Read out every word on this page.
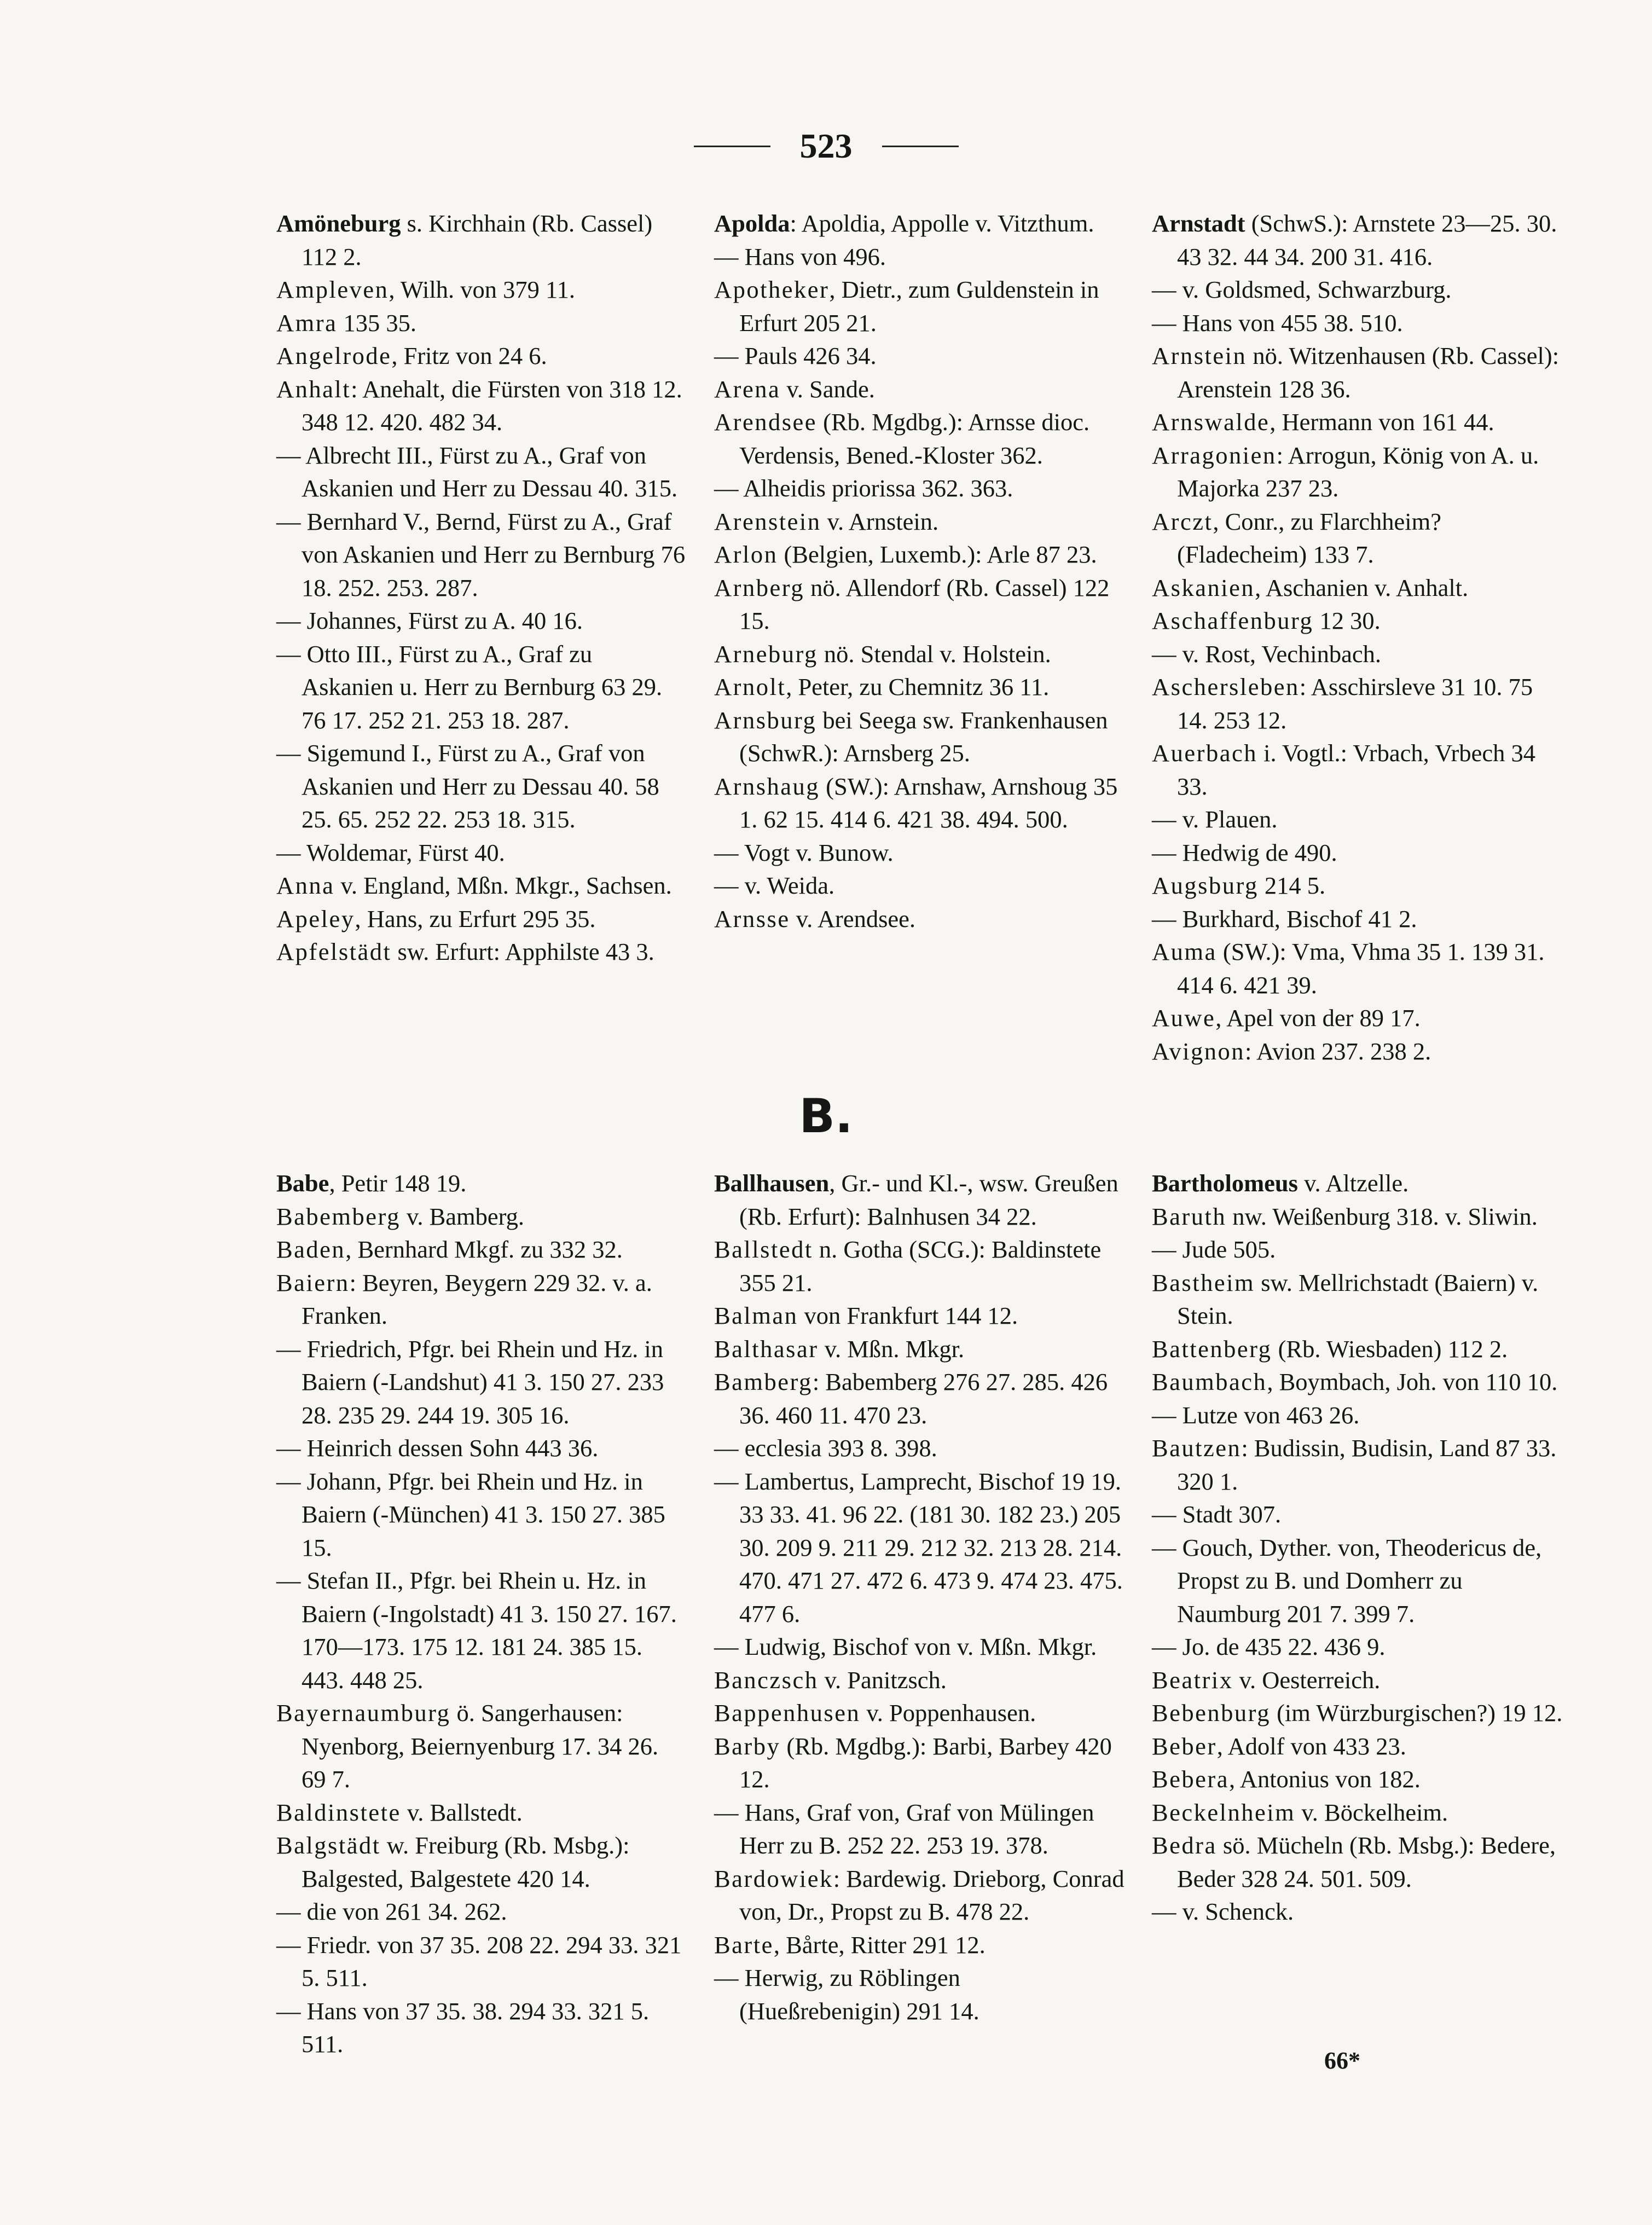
523

Amöneburg s. Kirchhain (Rb. Cassel) 112 2.

Ampleven, Wilh. von 379 11.

Amra 135 35.

Angelrode, Fritz von 24 6.

Anhalt: Anehalt, die Fürsten von 318 12. 348 12. 420. 482 34.

— Albrecht III., Fürst zu A., Graf von Askanien und Herr zu Dessau 40. 315.

— Bernhard V., Bernd, Fürst zu A., Graf von Askanien und Herr zu Bernburg 76 18. 252. 253. 287.

— Johannes, Fürst zu A. 40 16.

— Otto III., Fürst zu A., Graf zu Askanien u. Herr zu Bernburg 63 29. 76 17. 252 21. 253 18. 287.

— Sigemund I., Fürst zu A., Graf von Askanien und Herr zu Dessau 40. 58 25. 65. 252 22. 253 18. 315.

— Woldemar, Fürst 40.

Anna v. England, Mßn. Mkgr., Sachsen.

Apeley, Hans, zu Erfurt 295 35.

Apfelstädt sw. Erfurt: Apphilste 43 3.

Apolda: Apoldia, Appolle v. Vitzthum.

— Hans von 496.

Apotheker, Dietr., zum Guldenstein in Erfurt 205 21.

— Pauls 426 34.

Arena v. Sande.

Arendsee (Rb. Mgdbg.): Arnsse dioc. Verdensis, Bened.-Kloster 362.

— Alheidis priorissa 362. 363.

Arenstein v. Arnstein.

Arlon (Belgien, Luxemb.): Arle 87 23.

Arnberg nö. Allendorf (Rb. Cassel) 122 15.

Arneburg nö. Stendal v. Holstein.

Arnolt, Peter, zu Chemnitz 36 11.

Arnsburg bei Seega sw. Frankenhausen (SchwR.): Arnsberg 25.

Arnshaug (SW.): Arnshaw, Arnshoug 35 1. 62 15. 414 6. 421 38. 494. 500.

— Vogt v. Bunow.

— v. Weida.

Arnsse v. Arendsee.

Arnstadt (SchwS.): Arnstete 23—25. 30. 43 32. 44 34. 200 31. 416.

— v. Goldsmed, Schwarzburg.

— Hans von 455 38. 510.

Arnstein nö. Witzenhausen (Rb. Cassel): Arenstein 128 36.

Arnswalde, Hermann von 161 44.

Arragonien: Arrogun, König von A. u. Majorka 237 23.

Arczt, Conr., zu Flarchheim? (Fladecheim) 133 7.

Askanien, Aschanien v. Anhalt.

Aschaffenburg 12 30.

— v. Rost, Vechinbach.

Aschersleben: Asschirsleve 31 10. 75 14. 253 12.

Auerbach i. Vogtl.: Vrbach, Vrbech 34 33.

— v. Plauen.

— Hedwig de 490.

Augsburg 214 5.

— Burkhard, Bischof 41 2.

Auma (SW.): Vma, Vhma 35 1. 139 31. 414 6. 421 39.

Auwe, Apel von der 89 17.

Avignon: Avion 237. 238 2.

B.

Babe, Petir 148 19.

Babemberg v. Bamberg.

Baden, Bernhard Mkgf. zu 332 32.

Baiern: Beyren, Beygern 229 32. v. a. Franken.

— Friedrich, Pfgr. bei Rhein und Hz. in Baiern (-Landshut) 41 3. 150 27. 233 28. 235 29. 244 19. 305 16.

— Heinrich dessen Sohn 443 36.

— Johann, Pfgr. bei Rhein und Hz. in Baiern (-München) 41 3. 150 27. 385 15.

— Stefan II., Pfgr. bei Rhein u. Hz. in Baiern (-Ingolstadt) 41 3. 150 27. 167. 170—173. 175 12. 181 24. 385 15. 443. 448 25.

Bayernaumburg ö. Sangerhausen: Nyenborg, Beiernyenburg 17. 34 26. 69 7.

Baldinstete v. Ballstedt.

Balgstädt w. Freiburg (Rb. Msbg.): Balgested, Balgestete 420 14.

— die von 261 34. 262.

— Friedr. von 37 35. 208 22. 294 33. 321 5. 511.

— Hans von 37 35. 38. 294 33. 321 5. 511.

Ballhausen, Gr.- und Kl.-, wsw. Greußen (Rb. Erfurt): Balnhusen 34 22.

Ballstedt n. Gotha (SCG.): Baldinstete 355 21.

Balman von Frankfurt 144 12.

Balthasar v. Mßn. Mkgr.

Bamberg: Babemberg 276 27. 285. 426 36. 460 11. 470 23.

— ecclesia 393 8. 398.

— Lambertus, Lamprecht, Bischof 19 19. 33 33. 41. 96 22. (181 30. 182 23.) 205 30. 209 9. 211 29. 212 32. 213 28. 214. 470. 471 27. 472 6. 473 9. 474 23. 475. 477 6.

— Ludwig, Bischof von v. Mßn. Mkgr.

Banczsch v. Panitzsch.

Bappenhusen v. Poppenhausen.

Barby (Rb. Mgdbg.): Barbi, Barbey 420 12.

— Hans, Graf von, Graf von Mülingen Herr zu B. 252 22. 253 19. 378.

Bardowiek: Bardewig. Drieborg, Conrad von, Dr., Propst zu B. 478 22.

Barte, Bårte, Ritter 291 12.

— Herwig, zu Röblingen (Hueßrebenigin) 291 14.

Bartholomeus v. Altzelle.

Baruth nw. Weißenburg 318. v. Sliwin.

— Jude 505.

Bastheim sw. Mellrichstadt (Baiern) v. Stein.

Battenberg (Rb. Wiesbaden) 112 2.

Baumbach, Boymbach, Joh. von 110 10.

— Lutze von 463 26.

Bautzen: Budissin, Budisin, Land 87 33. 320 1.

— Stadt 307.

— Gouch, Dyther. von, Theodericus de, Propst zu B. und Domherr zu Naumburg 201 7. 399 7.

— Jo. de 435 22. 436 9.

Beatrix v. Oesterreich.

Bebenburg (im Würzburgischen?) 19 12.

Beber, Adolf von 433 23.

Bebera, Antonius von 182.

Beckelnheim v. Böckelheim.

Bedra sö. Mücheln (Rb. Msbg.): Bedere, Beder 328 24. 501. 509.

— v. Schenck.

66*
